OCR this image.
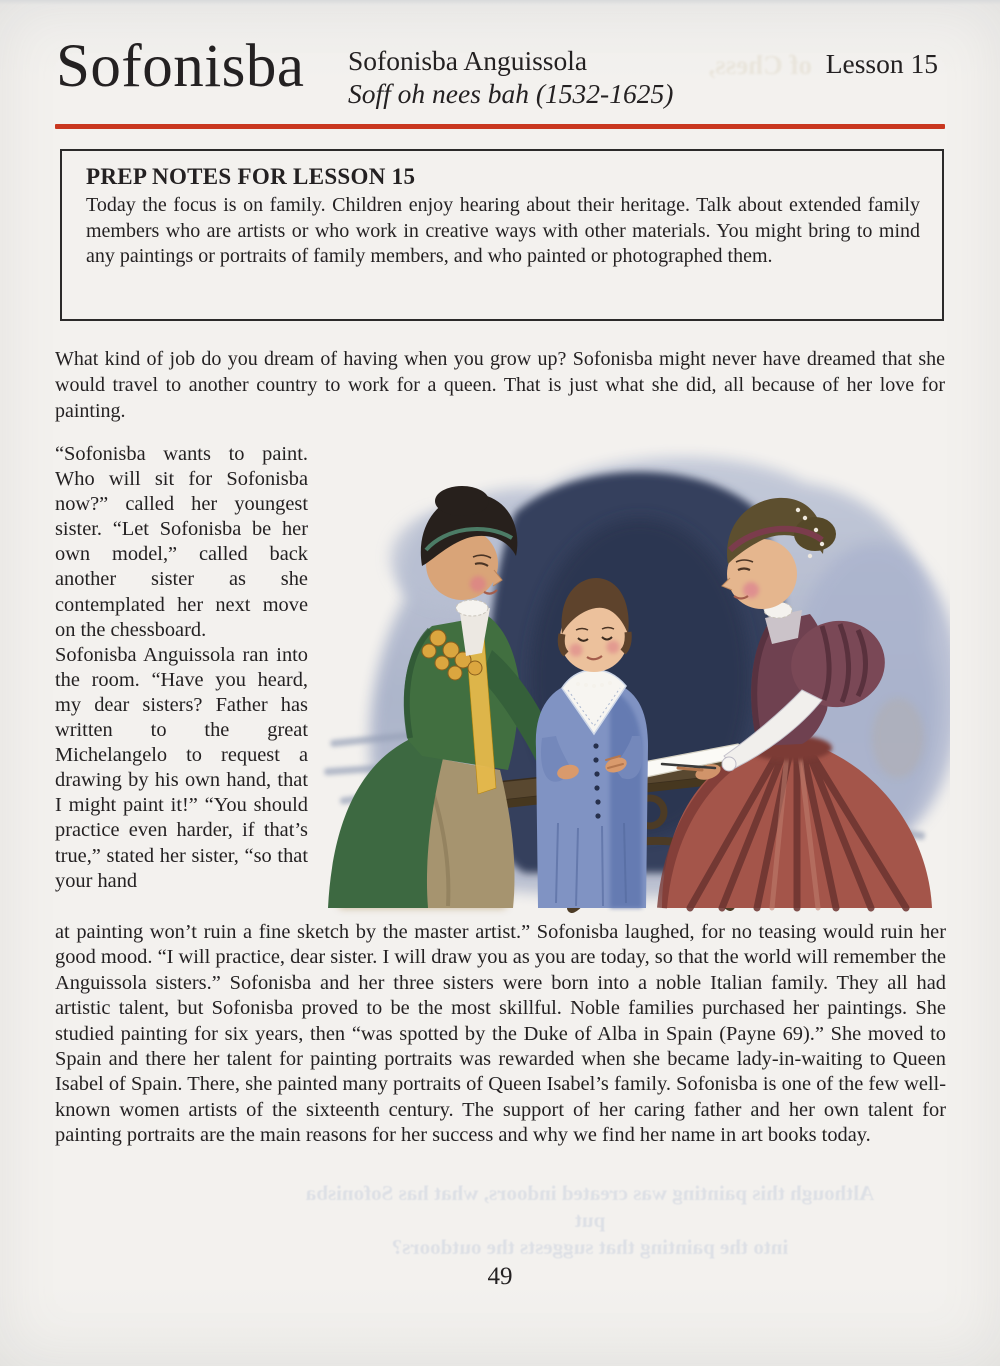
Sofonisba Sofonisba Anguissola
Soff oh nees bah (1532-1625)
of Chess, Lesson 15
PREP NOTES FOR LESSON 15

Today the focus is on family. Children enjoy hearing about their heritage. Talk about extended family members who are artists or who work in creative ways with other materials. You might bring to mind any paintings or portraits of family members, and who painted or photographed them.

What kind of job do you dream of having when you grow up? Sofonisba might never have dreamed that she would travel to another country to work for a queen. That is just what she did, all because of her love for painting.

“Sofonisba wants to paint. Who will sit for Sofonisba now?” called her youngest sister. “Let Sofonisba be her own model,” called back another sister as she contemplated her next move on the chessboard.

Sofonisba Anguissola ran into the room. “Have you heard, my dear sisters? Father has written to the great Michelangelo to request a drawing by his own hand, that I might paint it!” “You should practice even harder, if that’s true,” stated her sister, “so that your hand

at painting won’t ruin a fine sketch by the master artist.” Sofonisba laughed, for no teasing would ruin her good mood. “I will practice, dear sister. I will draw you as you are today, so that the world will remember the Anguissola sisters.” Sofonisba and her three sisters were born into a noble Italian family. They all had artistic talent, but Sofonisba proved to be the most skillful. Noble families purchased her paintings. She studied painting for six years, then “was spotted by the Duke of Alba in Spain (Payne 69).” She moved to Spain and there her talent for painting portraits was rewarded when she became lady-in-waiting to Queen Isabel of Spain. There, she painted many portraits of Queen Isabel’s family. Sofonisba is one of the few well-known women artists of the sixteenth century. The support of her caring father and her own talent for painting portraits are the main reasons for her success and why we find her name in art books today.
Although this painting was created indoors, what has Sofonisba put
into the painting that suggests the outdoors?
49
